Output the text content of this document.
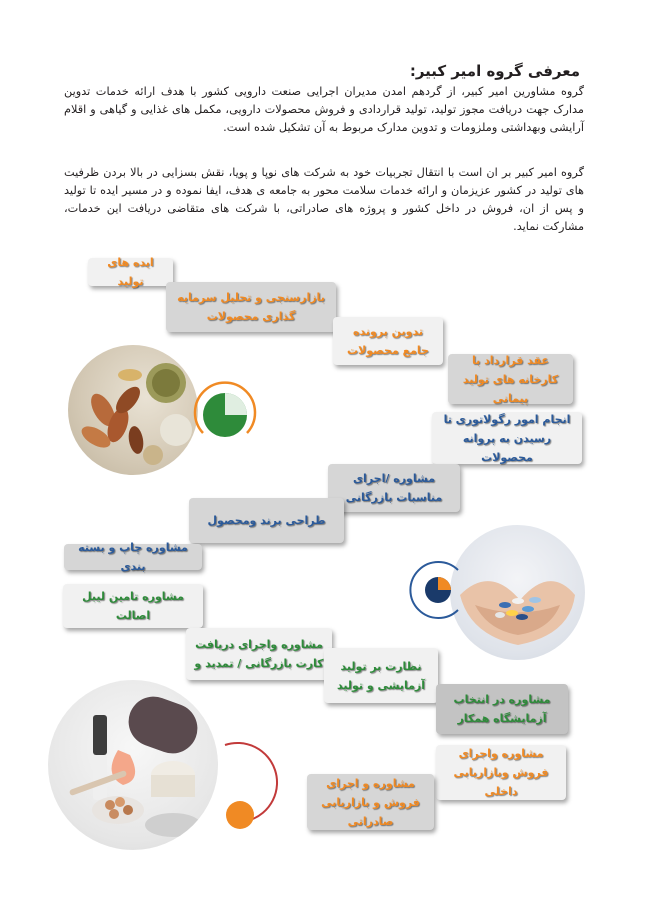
معرفی گروه امیر کبیر:

گروه مشاورین امیر کبیر، از گردهم امدن مدیران اجرایی صنعت دارویی کشور با هدف ارائه خدمات تدوین مدارک جهت دریافت مجوز تولید، تولید قراردادی و فروش محصولات دارویی، مکمل های غذایی و گیاهی و اقلام آرایشی وبهداشتی وملزومات و تدوین مدارک مربوط به آن تشکیل شده است.

گروه امیر کبیر بر ان است با انتقال تجربیات خود به شرکت های نوپا و پویا، نقش بسزایی در بالا بردن ظرفیت های تولید در کشور عزیزمان و ارائه خدمات سلامت محور به جامعه ی هدف، ایفا نموده و در مسیر ایده تا تولید و پس از ان، فروش در داخل کشور و پروژه های صادراتی، با شرکت های متقاضی دریافت این خدمات، مشارکت نماید.

ایده های تولید
بازارسنجی و تحلیل سرمایه گذاری محصولات
تدوین پرونده جامع محصولات
عقد قرارداد با کارخانه های تولید پیمانی
انجام امور رگولاتوری تا رسیدن به پروانه محصولات
مشاوره /اجرای مناسبات بازرگانی
طراحی برند ومحصول
مشاوره چاپ و بسته بندی
مشاوره تامین لیبل اصالت
مشاوره واجرای دریافت کارت بازرگانی / تمدید و	نظارت بر تولید آزمایشی و تولید
مشاوره در انتخاب آزمایشگاه همکار
مشاوره واجرای فروش وبازاریابی داخلی
مشاوره و اجرای فروش و بازاریابی صادراتی
